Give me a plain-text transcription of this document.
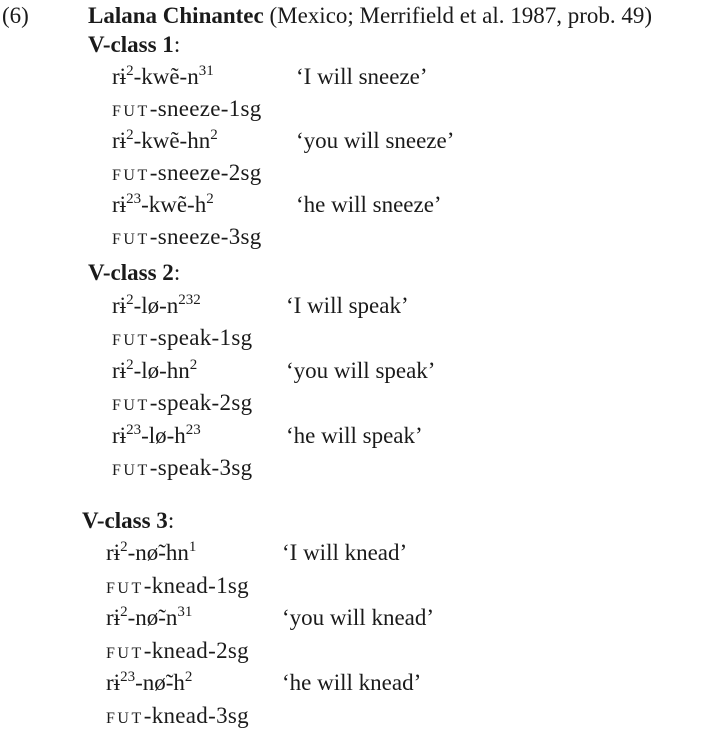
(6)	Lalana Chinantec (Mexico; Merrifield et al. 1987, prob. 49)
V-class 1:
$rɨ^2-kwẽ-n^{31}$	‘I will sneeze’
FUT-sneeze-1sg
$rɨ^2-kwẽ-hn^2$	‘you will sneeze’
FUT-sneeze-2sg
$rɨ^{23}-kwẽ-h^2$	‘he will sneeze’
FUT-sneeze-3sg
V-class 2:
$rɨ^2-lø-n^{232}$	‘I will speak’
FUT-speak-1sg
$rɨ^2-lø-hn^2$	‘you will speak’
FUT-speak-2sg
$rɨ^{23}-lø-h^{23}$	‘he will speak’
FUT-speak-3sg
V-class 3:
$rɨ^2-nø̃-hn^1$	‘I will knead’
FUT-knead-1sg
$rɨ^2-nø̃-n^{31}$	‘you will knead’
FUT-knead-2sg
$rɨ^{23}-nø̃-h^2$	‘he will knead’
FUT-knead-3sg
